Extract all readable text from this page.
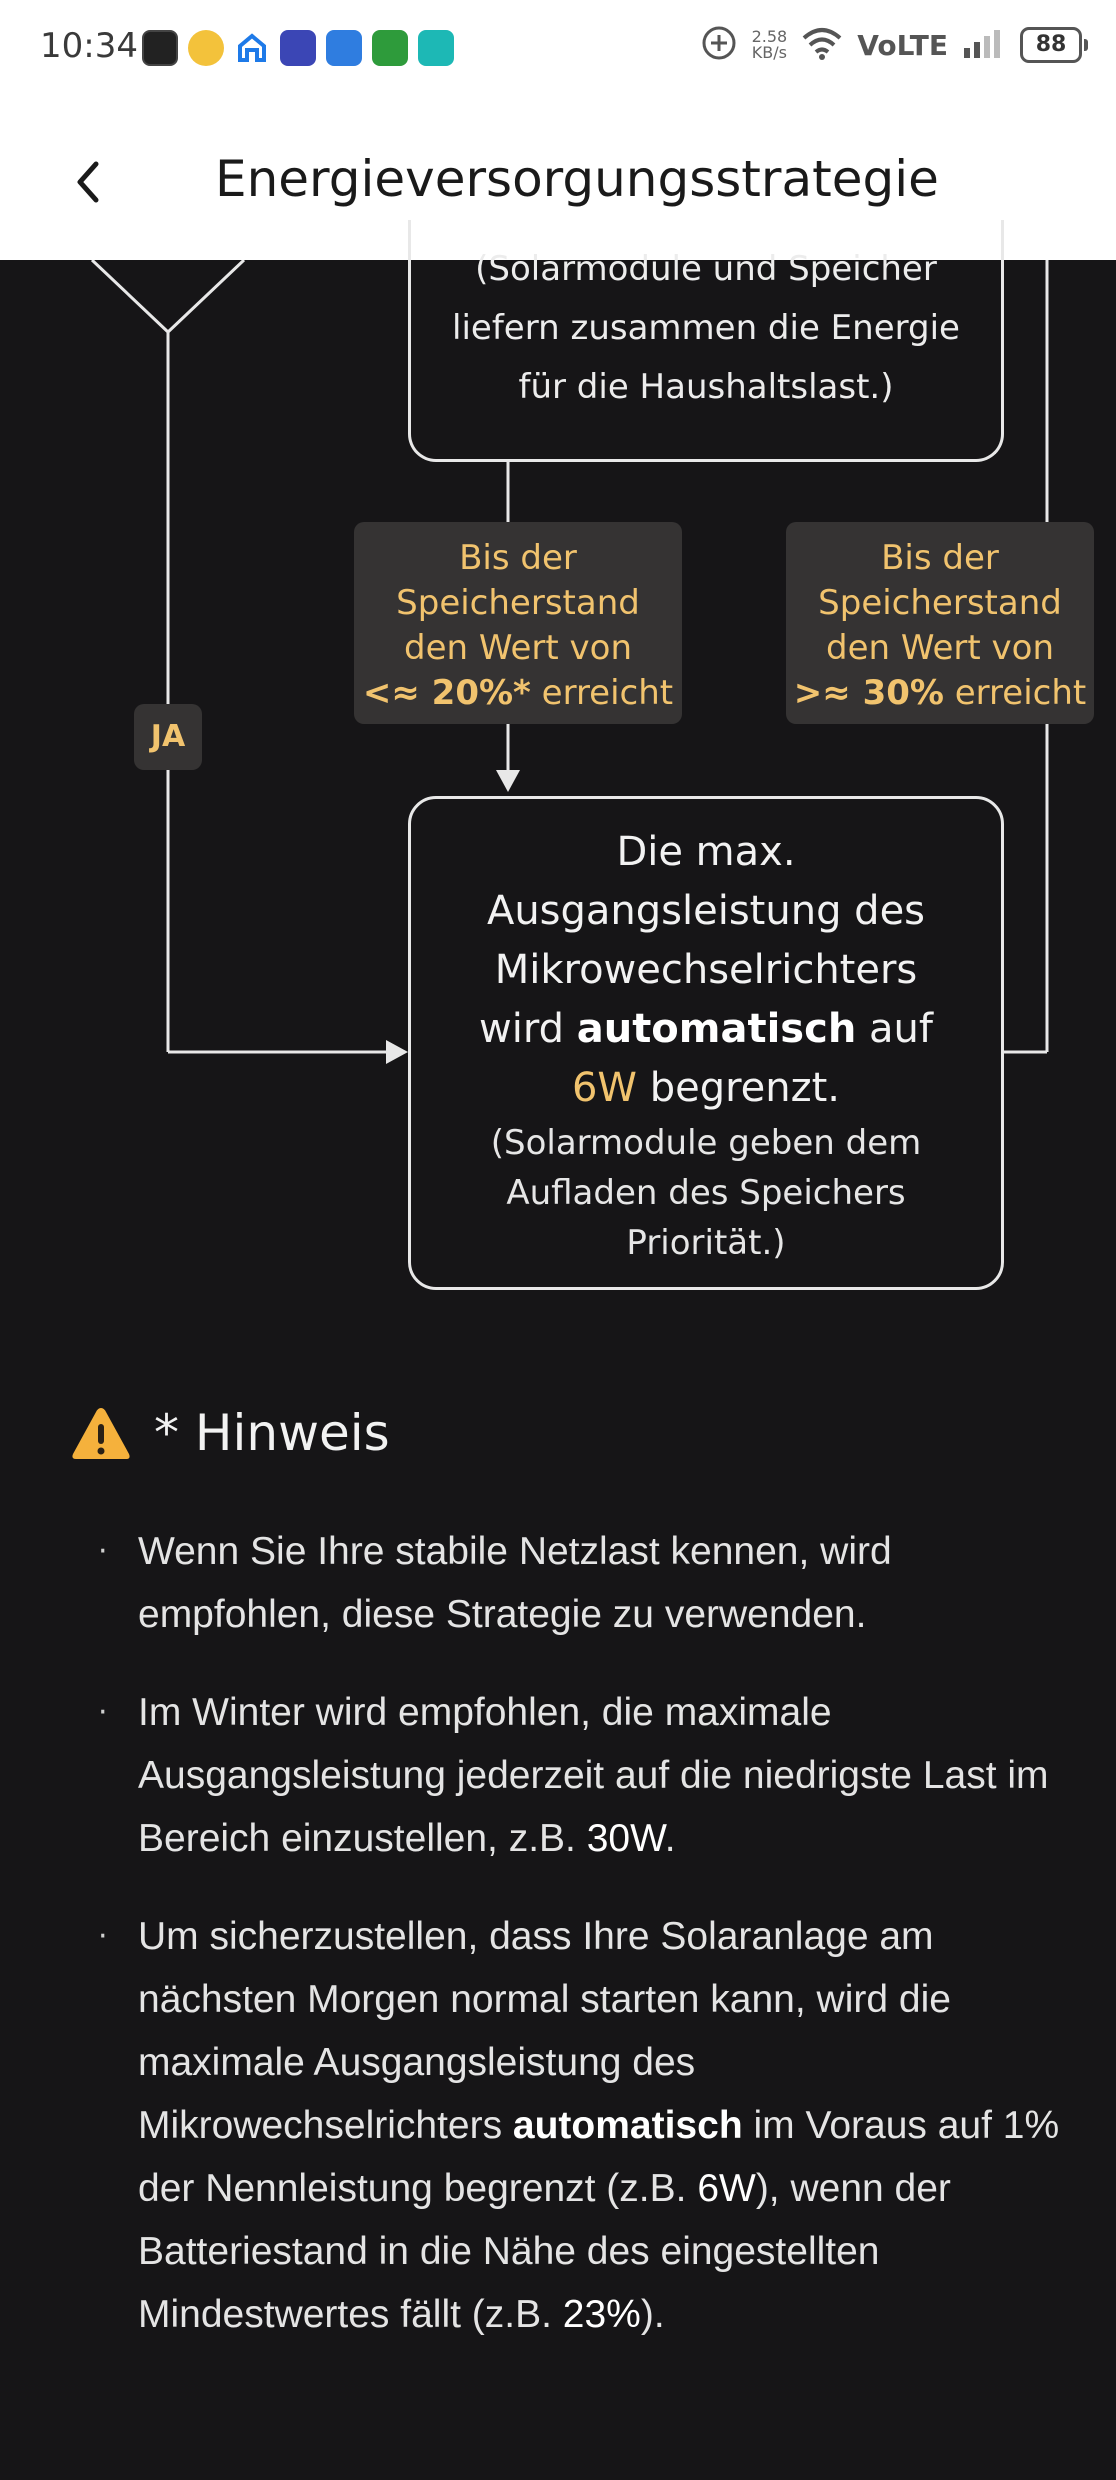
10:34	2.58
KB/s	VoLTE	88
Energieversorgungsstrategie
(Solarmodule und Speicher
liefern zusammen die Energie
für die Haushaltslast.)
Bis der
Speicherstand
den Wert von
<≈ 20%* erreicht
Bis der
Speicherstand
den Wert von
>≈ 30% erreicht
JA
Die max.
Ausgangsleistung des
Mikrowechselrichters
wird automatisch auf
6W begrenzt.
(Solarmodule geben dem
Aufladen des Speichers
Priorität.)
* Hinweis
· Wenn Sie Ihre stabile Netzlast kennen, wird empfohlen, diese Strategie zu verwenden.
· Im Winter wird empfohlen, die maximale Ausgangsleistung jederzeit auf die niedrigste Last im Bereich einzustellen, z.B. 30W.
· Um sicherzustellen, dass Ihre Solaranlage am nächsten Morgen normal starten kann, wird die maximale Ausgangsleistung des Mikrowechselrichters automatisch im Voraus auf 1% der Nennleistung begrenzt (z.B. 6W), wenn der Batteriestand in die Nähe des eingestellten Mindestwertes fällt (z.B. 23%).
